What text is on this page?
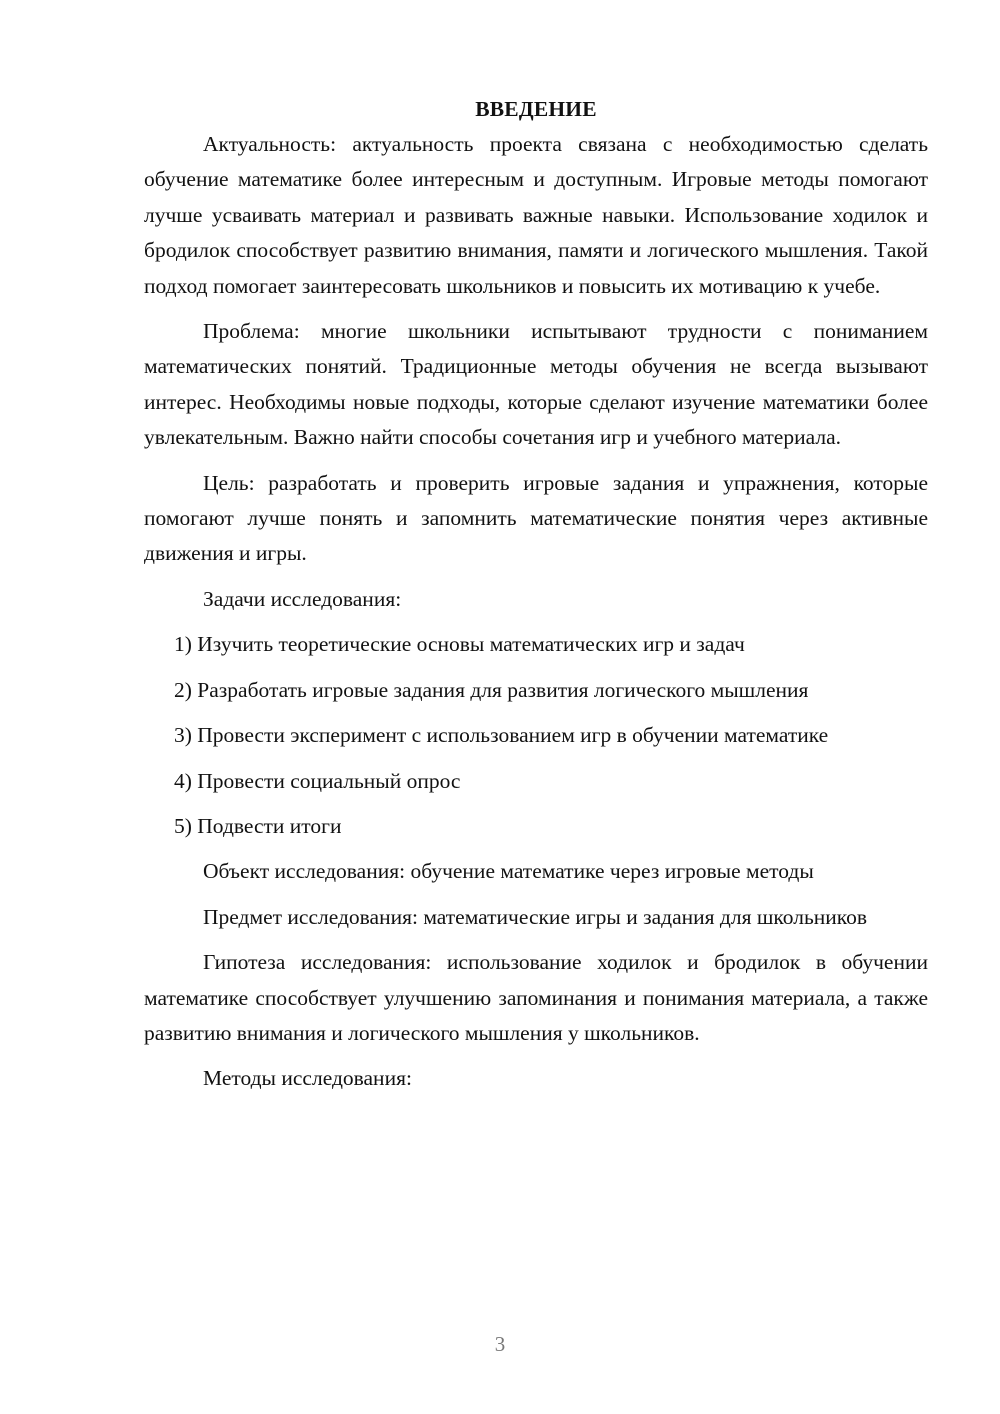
ВВЕДЕНИЕ

Актуальность: актуальность проекта связана с необходимостью сделать обучение математике более интересным и доступным. Игровые методы помогают лучше усваивать материал и развивать важные навыки. Использование ходилок и бродилок способствует развитию внимания, памяти и логического мышления. Такой подход помогает заинтересовать школьников и повысить их мотивацию к учебе.

Проблема: многие школьники испытывают трудности с пониманием математических понятий. Традиционные методы обучения не всегда вызывают интерес. Необходимы новые подходы, которые сделают изучение математики более увлекательным. Важно найти способы сочетания игр и учебного материала.

Цель: разработать и проверить игровые задания и упражнения, которые помогают лучше понять и запомнить математические понятия через активные движения и игры.

Задачи исследования:

1) Изучить теоретические основы математических игр и задач

2) Разработать игровые задания для развития логического мышления

3) Провести эксперимент с использованием игр в обучении математике

4) Провести социальный опрос

5) Подвести итоги

Объект исследования: обучение математике через игровые методы

Предмет исследования: математические игры и задания для школьников

Гипотеза исследования: использование ходилок и бродилок в обучении математике способствует улучшению запоминания и понимания материала, а также развитию внимания и логического мышления у школьников.

Методы исследования:

3
